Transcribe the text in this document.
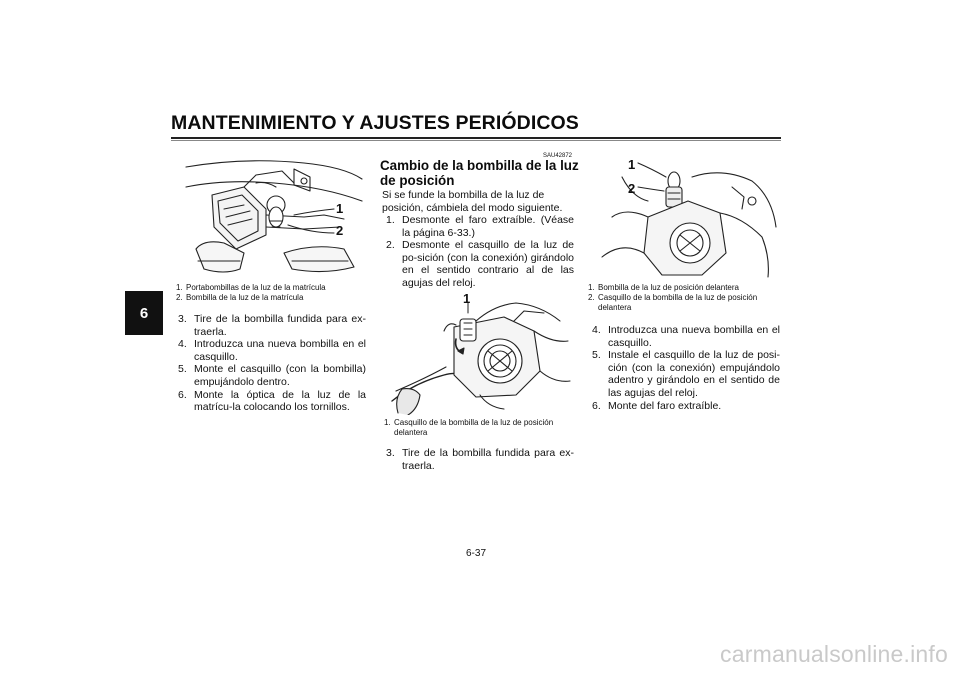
MANTENIMIENTO Y AJUSTES PERIÓDICOS
6
1
2
1. Portabombillas de la luz de la matrícula
2. Bombilla de la luz de la matrícula
3. Tire de la bombilla fundida para ex-traerla.
4. Introduzca una nueva bombilla en el casquillo.
5. Monte el casquillo (con la bombilla) empujándolo dentro.
6. Monte la óptica de la luz de la matrícu-la colocando los tornillos.
SAU42872
Cambio de la bombilla de la luz de posición
Si se funde la bombilla de la luz de posición, cámbiela del modo siguiente.
1. Desmonte el faro extraíble. (Véase la página 6-33.)
2. Desmonte el casquillo de la luz de po-sición (con la conexión) girándolo en el sentido contrario al de las agujas del reloj.
1
1. Casquillo de la bombilla de la luz de posición delantera
3. Tire de la bombilla fundida para ex-traerla.
1
2
1. Bombilla de la luz de posición delantera
2. Casquillo de la bombilla de la luz de posición delantera
4. Introduzca una nueva bombilla en el casquillo.
5. Instale el casquillo de la luz de posi-ción (con la conexión) empujándolo adentro y girándolo en el sentido de las agujas del reloj.
6. Monte del faro extraíble.
6-37
carmanualsonline.info
